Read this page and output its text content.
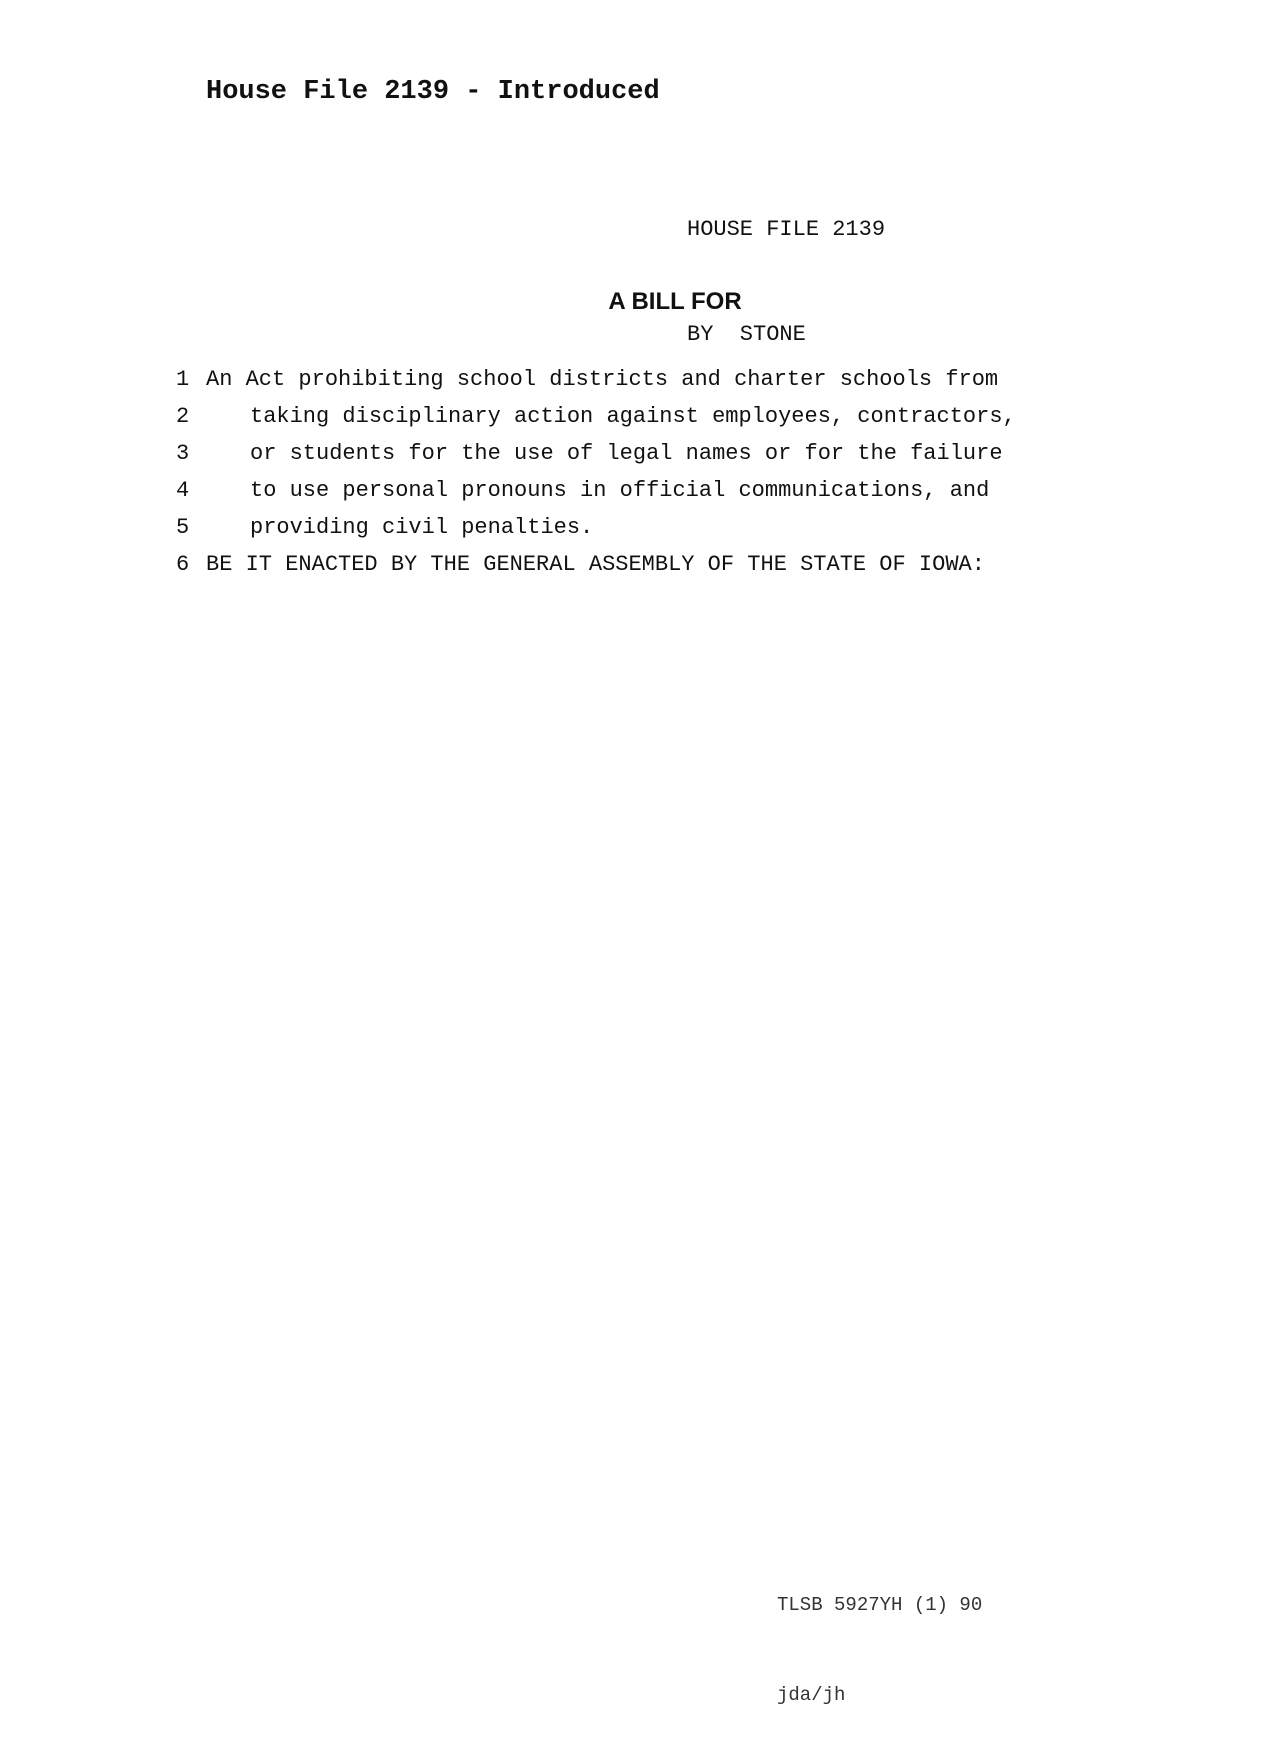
House File 2139 - Introduced

HOUSE FILE 2139

BY  STONE

A BILL FOR
1 An Act prohibiting school districts and charter schools from
2	taking disciplinary action against employees, contractors,
3	or students for the use of legal names or for the failure
4	to use personal pronouns in official communications, and
5	providing civil penalties.
6 BE IT ENACTED BY THE GENERAL ASSEMBLY OF THE STATE OF IOWA:

TLSB 5927YH (1) 90

jda/jh
